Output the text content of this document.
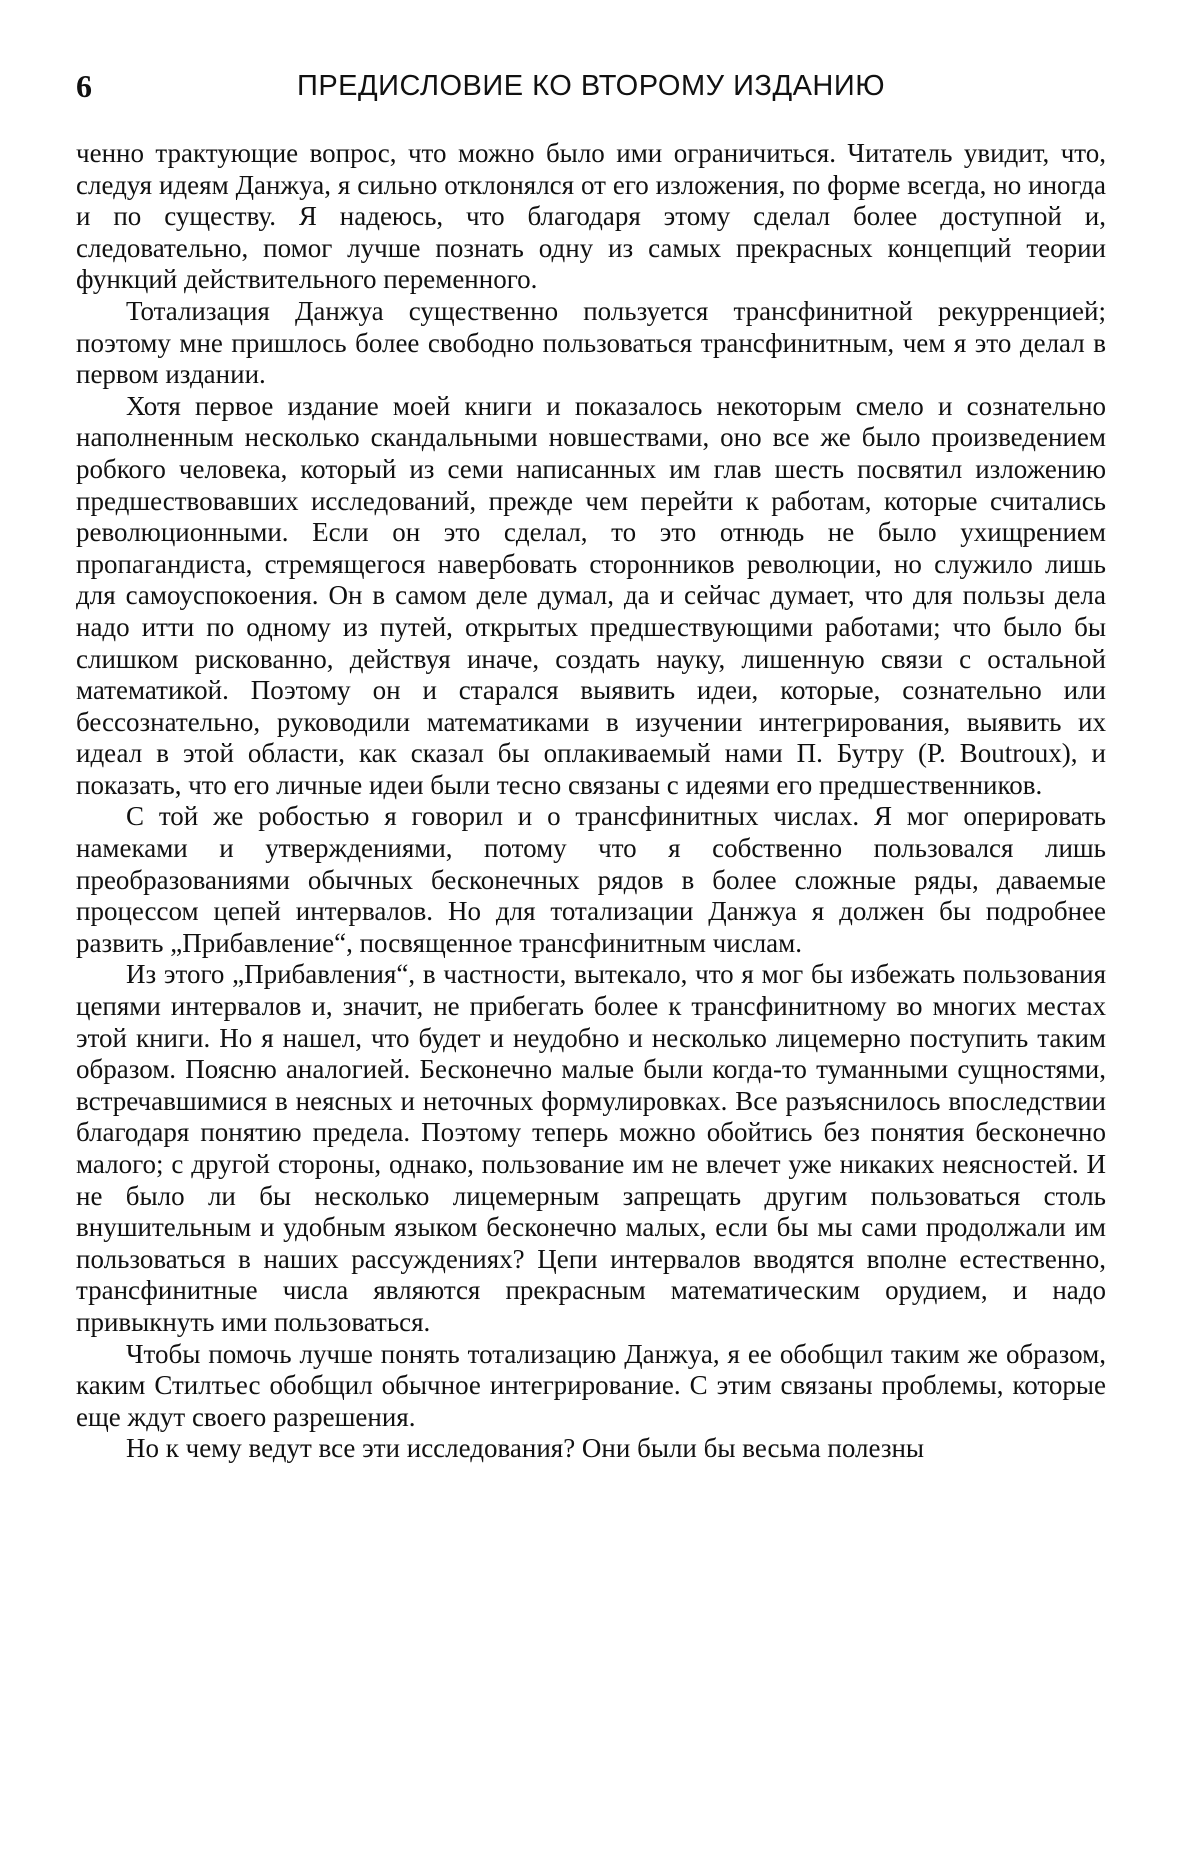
6	ПРЕДИСЛОВИЕ КО ВТОРОМУ ИЗДАНИЮ

ченно трактующие вопрос, что можно было ими ограничиться. Читатель увидит, что, следуя идеям Данжуа, я сильно отклонялся от его изложения, по форме всегда, но иногда и по существу. Я надеюсь, что благодаря этому сделал более доступной и, следовательно, помог лучше познать одну из самых прекрасных концепций теории функций действительного переменного.

Тотализация Данжуа существенно пользуется трансфинитной рекурренцией; поэтому мне пришлось более свободно пользоваться трансфинитным, чем я это делал в первом издании.

Хотя первое издание моей книги и показалось некоторым смело и сознательно наполненным несколько скандальными новшествами, оно все же было произведением робкого человека, который из семи написанных им глав шесть посвятил изложению предшествовавших исследований, прежде чем перейти к работам, которые считались революционными. Если он это сделал, то это отнюдь не было ухищрением пропагандиста, стремящегося навербовать сторонников революции, но служило лишь для самоуспокоения. Он в самом деле думал, да и сейчас думает, что для пользы дела надо итти по одному из путей, открытых предшествующими работами; что было бы слишком рискованно, действуя иначе, создать науку, лишенную связи с остальной математикой. Поэтому он и старался выявить идеи, которые, сознательно или бессознательно, руководили математиками в изучении интегрирования, выявить их идеал в этой области, как сказал бы оплакиваемый нами П. Бутру (P. Boutroux), и показать, что его личные идеи были тесно связаны с идеями его предшественников.

С той же робостью я говорил и о трансфинитных числах. Я мог оперировать намеками и утверждениями, потому что я собственно пользовался лишь преобразованиями обычных бесконечных рядов в более сложные ряды, даваемые процессом цепей интервалов. Но для тотализации Данжуа я должен бы подробнее развить „Прибавление“, посвященное трансфинитным числам.

Из этого „Прибавления“, в частности, вытекало, что я мог бы избежать пользования цепями интервалов и, значит, не прибегать более к трансфинитному во многих местах этой книги. Но я нашел, что будет и неудобно и несколько лицемерно поступить таким образом. Поясню аналогией. Бесконечно малые были когда-то туманными сущностями, встречавшимися в неясных и неточных формулировках. Все разъяснилось впоследствии благодаря понятию предела. Поэтому теперь можно обойтись без понятия бесконечно малого; с другой стороны, однако, пользование им не влечет уже никаких неясностей. И не было ли бы несколько лицемерным запрещать другим пользоваться столь внушительным и удобным языком бесконечно малых, если бы мы сами продолжали им пользоваться в наших рассуждениях? Цепи интервалов вводятся вполне естественно, трансфинитные числа являются прекрасным математическим орудием, и надо привыкнуть ими пользоваться.

Чтобы помочь лучше понять тотализацию Данжуа, я ее обобщил таким же образом, каким Стилтьес обобщил обычное интегрирование. С этим связаны проблемы, которые еще ждут своего разрешения.

Но к чему ведут все эти исследования? Они были бы весьма полезны
